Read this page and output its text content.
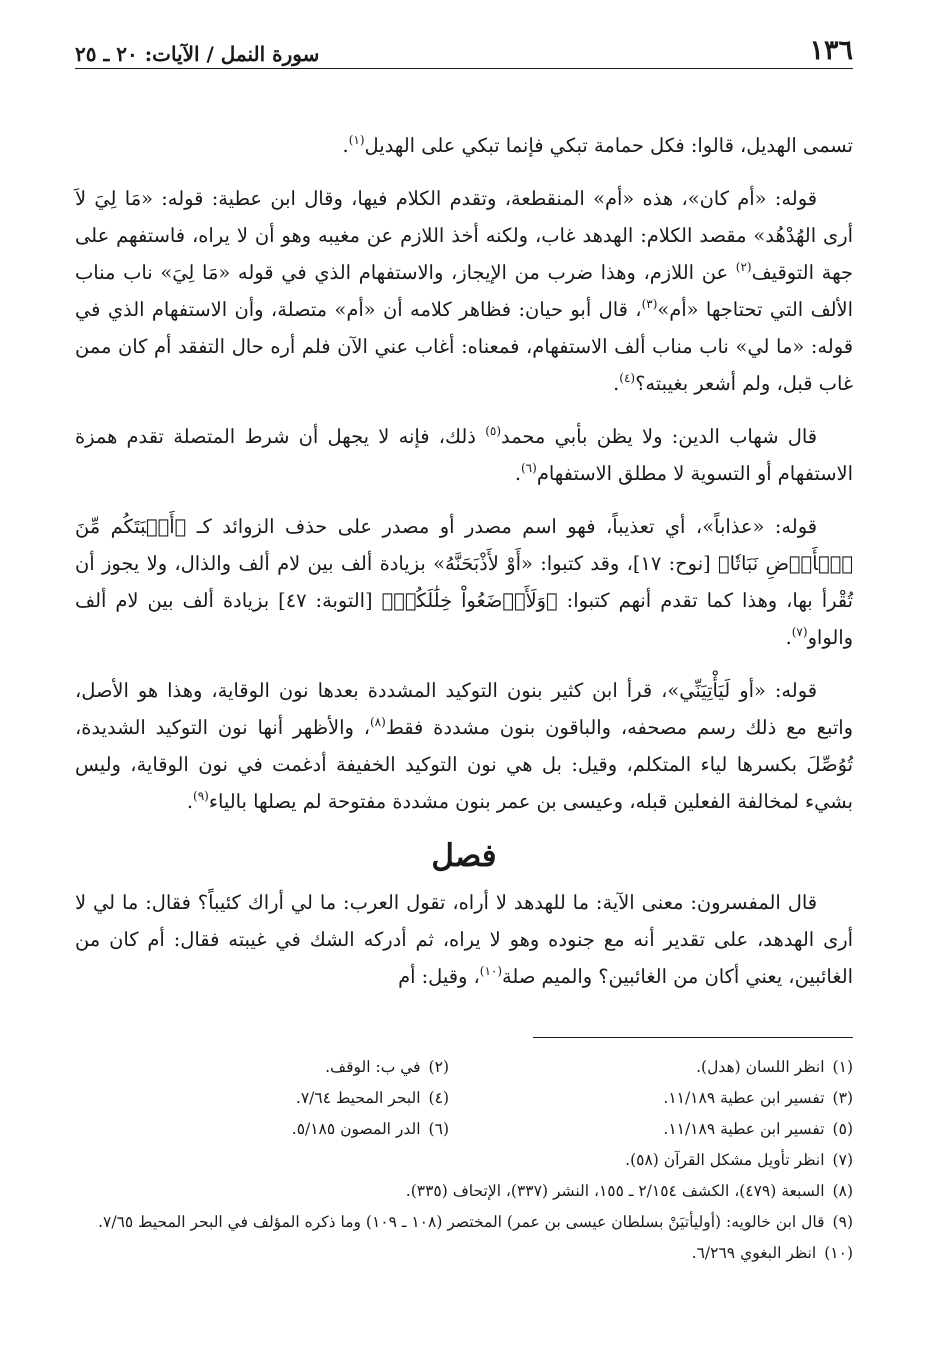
١٣٦
سورة النمل / الآيات: ٢٠ ـ ٢٥

تسمى الهديل، قالوا: فكل حمامة تبكي فإنما تبكي على الهديل$^{(١)}$.

قوله: «أم كان»، هذه «أم» المنقطعة، وتقدم الكلام فيها، وقال ابن عطية: قوله: «مَا لِيَ لاَ أرى الهُدْهُد» مقصد الكلام: الهدهد غاب، ولكنه أخذ اللازم عن مغيبه وهو أن لا يراه، فاستفهم على جهة التوقيف$^{(٢)}$ عن اللازم، وهذا ضرب من الإيجاز، والاستفهام الذي في قوله «مَا لِيَ» ناب مناب الألف التي تحتاجها «أم»$^{(٣)}$، قال أبو حيان: فظاهر كلامه أن «أم» متصلة، وأن الاستفهام الذي في قوله: «ما لي» ناب مناب ألف الاستفهام، فمعناه: أغاب عني الآن فلم أره حال التفقد أم كان ممن غاب قبل، ولم أشعر بغيبته؟$^{(٤)}$.

قال شهاب الدين: ولا يظن بأبي محمد$^{(٥)}$ ذلك، فإنه لا يجهل أن شرط المتصلة تقدم همزة الاستفهام أو التسوية لا مطلق الاستفهام$^{(٦)}$.

قوله: «عذاباً»، أي تعذيباً، فهو اسم مصدر أو مصدر على حذف الزوائد كـ ﴿أَنۢبَتَكُم مِّنَ ٱلۡأَرۡضِ نَبَاتٗا﴾ [نوح: ١٧]، وقد كتبوا: «أَوْ لأَذْبَحَنَّهُ» بزيادة ألف بين لام ألف والذال، ولا يجوز أن تُقْرأ بها، وهذا كما تقدم أنهم كتبوا: ﴿وَلَأَوۡضَعُواْ خِلَٰلَكُمۡ﴾ [التوبة: ٤٧] بزيادة ألف بين لام ألف والواو$^{(٧)}$.

قوله: «أو لَيَأْتِيَنِّي»، قرأ ابن كثير بنون التوكيد المشددة بعدها نون الوقاية، وهذا هو الأصل، واتبع مع ذلك رسم مصحفه، والباقون بنون مشددة فقط$^{(٨)}$، والأظهر أنها نون التوكيد الشديدة، تُوُصِّلَ بكسرها لياء المتكلم، وقيل: بل هي نون التوكيد الخفيفة أدغمت في نون الوقاية، وليس بشيء لمخالفة الفعلين قبله، وعيسى بن عمر بنون مشددة مفتوحة لم يصلها بالياء$^{(٩)}$.

فصل

قال المفسرون: معنى الآية: ما للهدهد لا أراه، تقول العرب: ما لي أراك كئيباً؟ فقال: ما لي لا أرى الهدهد، على تقدير أنه مع جنوده وهو لا يراه، ثم أدركه الشك في غيبته فقال: أم كان من الغائبين، يعني أكان من الغائبين؟ والميم صلة$^{(١٠)}$، وقيل: أم

(١)
انظر اللسان (هدل).
(٢)
في ب: الوقف.
(٣)
تفسير ابن عطية ١١/١٨٩.
(٤)
البحر المحيط ٧/٦٤.
(٥)
تفسير ابن عطية ١١/١٨٩.
(٦)
الدر المصون ٥/١٨٥.
(٧)
انظر تأويل مشكل القرآن (٥٨).
(٨)
السبعة (٤٧٩)، الكشف ٢/١٥٤ ـ ١٥٥، النشر (٣٣٧)، الإتحاف (٣٣٥).
(٩)
قال ابن خالويه: (أوليأتيَنْ بسلطان عيسى بن عمر) المختصر (١٠٨ ـ ١٠٩) وما ذكره المؤلف في البحر المحيط ٧/٦٥.
(١٠)
انظر البغوي ٦/٢٦٩.
